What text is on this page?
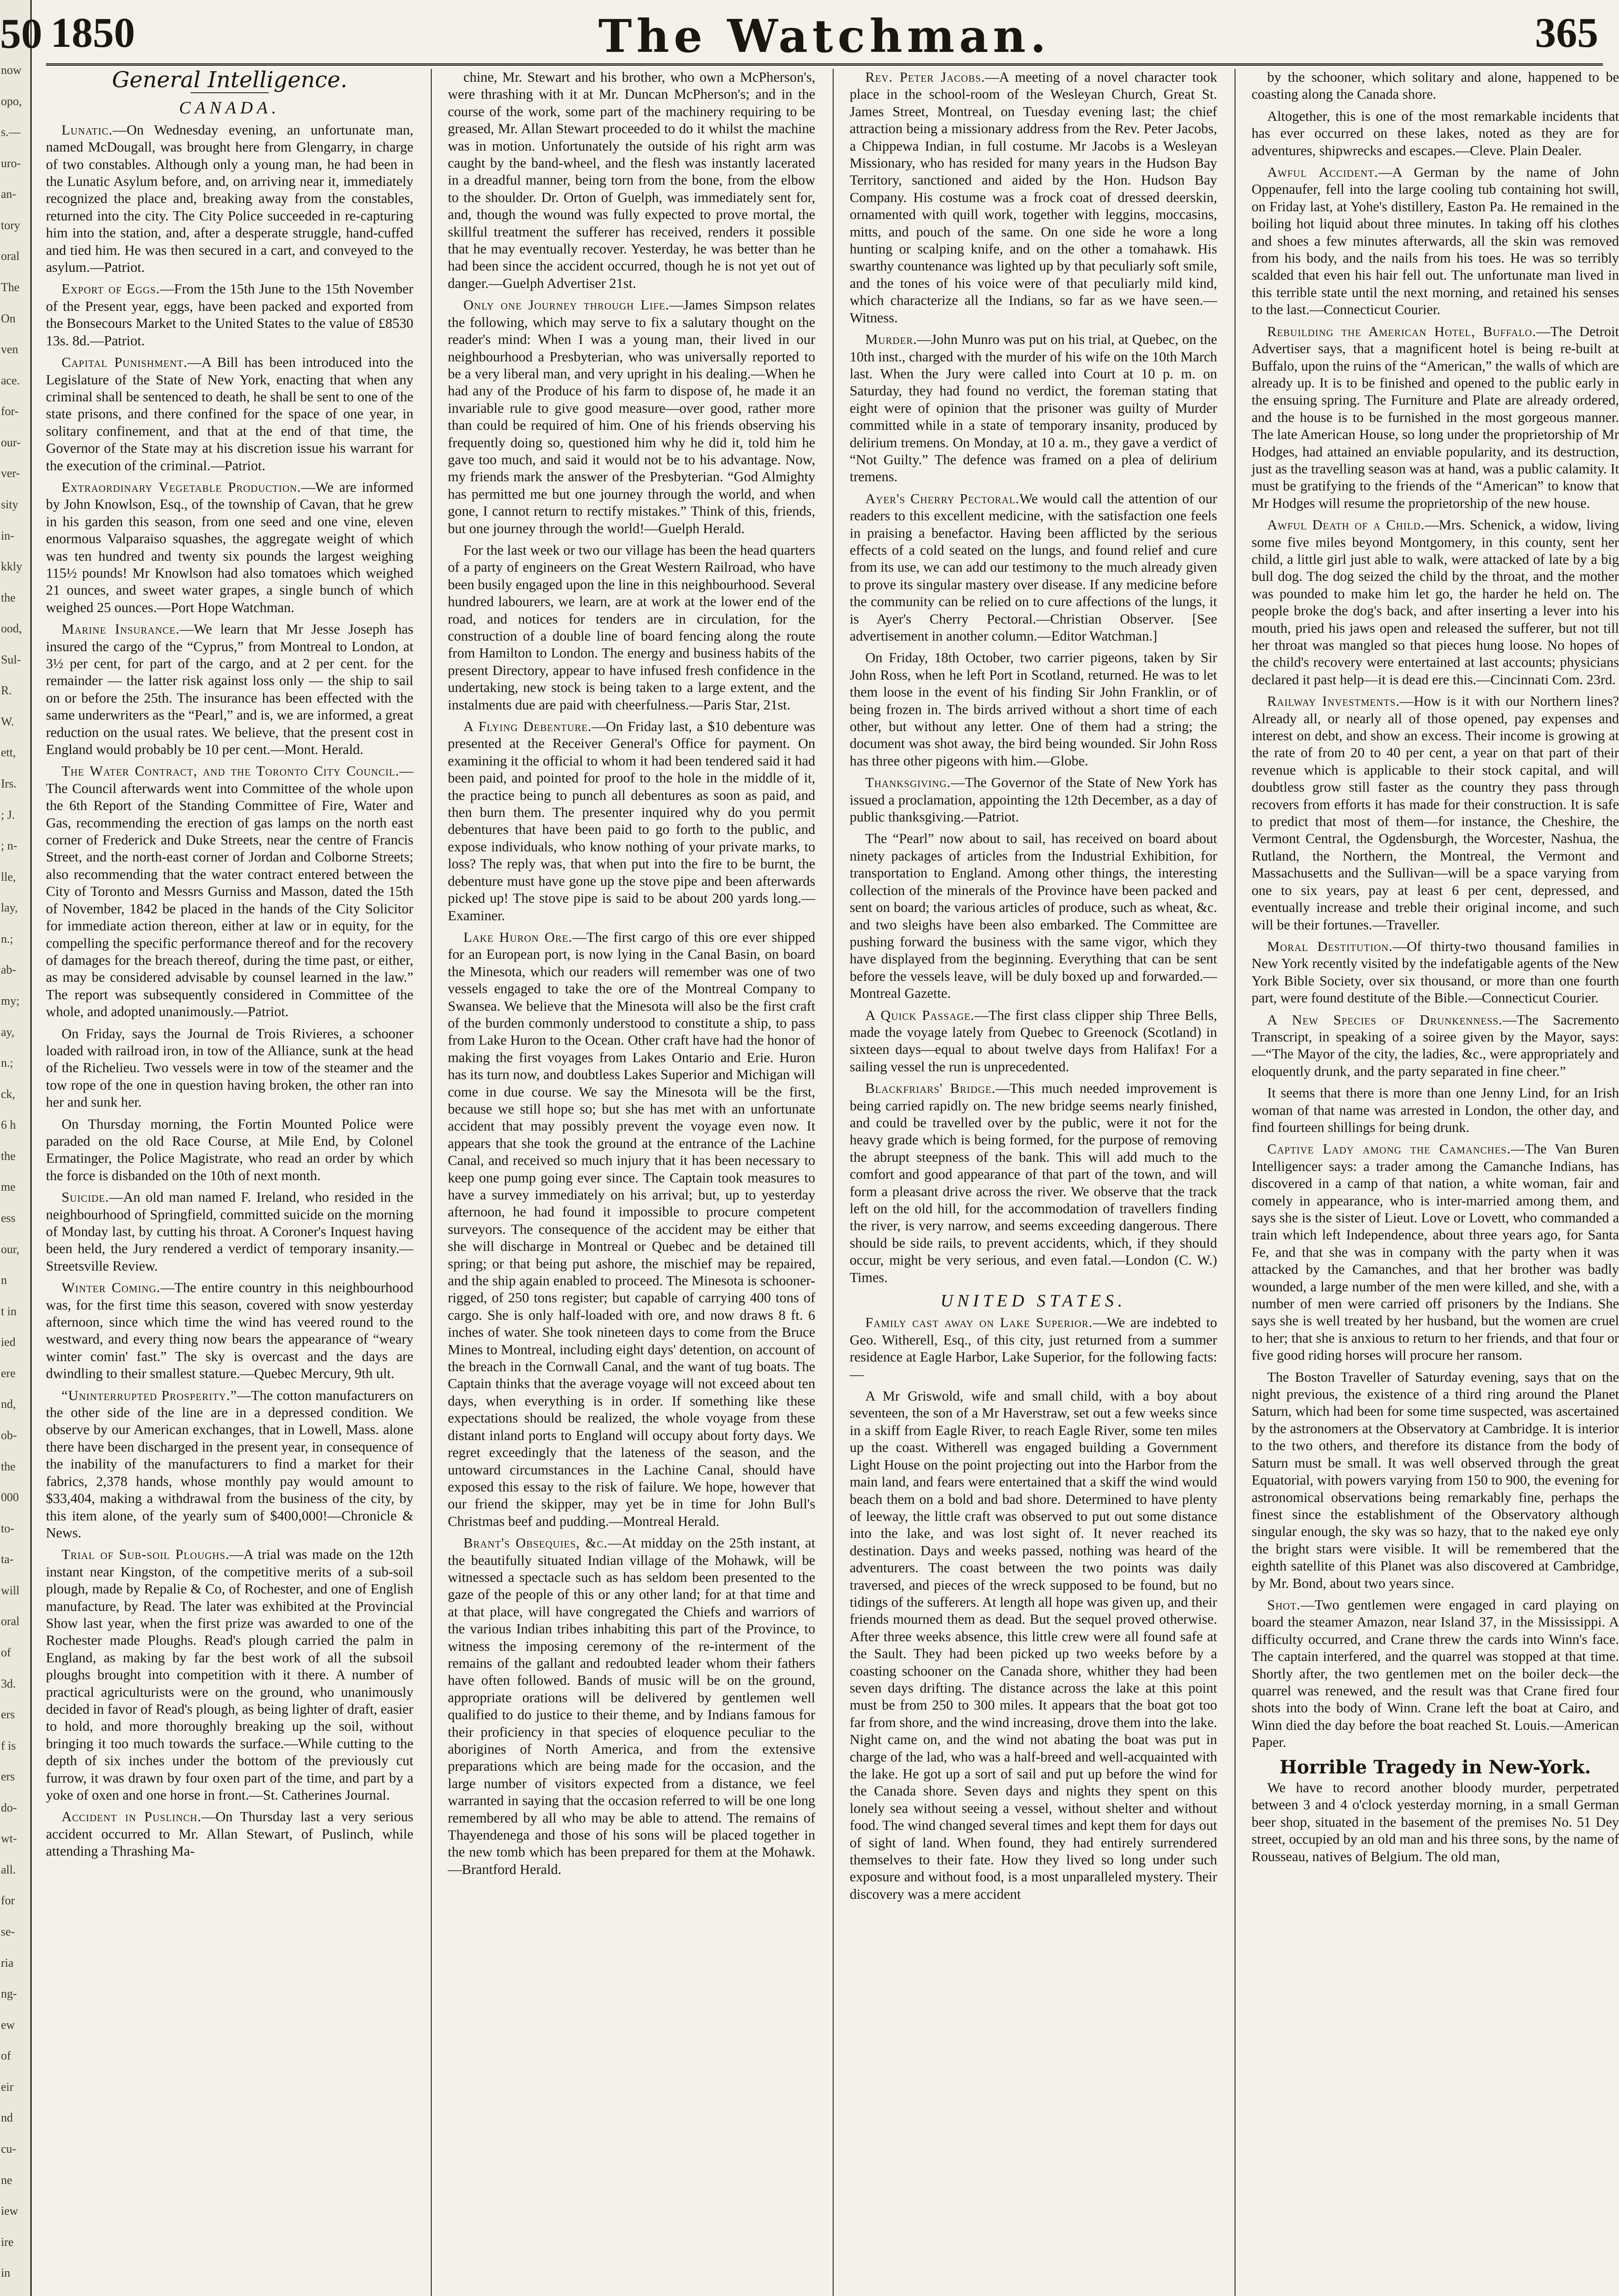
50
now
opo,
s.—
uro-
an-
tory
oral
The
On
ven
ace.
for-
our-
ver-
sity
in-
kkly
the
ood,
Sul-
R.
W.
ett,
Irs.
; J.
; n-
lle,
lay,
n.;
ab-
my;
ay,
n.;
ck,
6 h
the
me
ess
our,
n
t in
ied
ere
nd,
ob-
the
000
to-
ta-
will
oral
of
3d.
ers
f is
ers
do-
wt-
all.
for
se-
ria
ng-
ew
of
eir
nd
cu-
ne
iew
ire
in
1850	The Watchman.	365
General Intelligence.
CANADA.

Lunatic.—On Wednesday evening, an unfortunate man, named McDougall, was brought here from Glengarry, in charge of two constables. Although only a young man, he had been in the Lunatic Asylum before, and, on arriving near it, immediately recognized the place and, breaking away from the constables, returned into the city. The City Police succeeded in re-capturing him into the station, and, after a desperate struggle, hand-cuffed and tied him. He was then secured in a cart, and conveyed to the asylum.—Patriot.

Export of Eggs.—From the 15th June to the 15th November of the Present year, eggs, have been packed and exported from the Bonsecours Market to the United States to the value of £8530 13s. 8d.—Patriot.

Capital Punishment.—A Bill has been introduced into the Legislature of the State of New York, enacting that when any criminal shall be sentenced to death, he shall be sent to one of the state prisons, and there confined for the space of one year, in solitary confinement, and that at the end of that time, the Governor of the State may at his discretion issue his warrant for the execution of the criminal.—Patriot.

Extraordinary Vegetable Production.—We are informed by John Knowlson, Esq., of the township of Cavan, that he grew in his garden this season, from one seed and one vine, eleven enormous Valparaiso squashes, the aggregate weight of which was ten hundred and twenty six pounds the largest weighing 115½ pounds! Mr Knowlson had also tomatoes which weighed 21 ounces, and sweet water grapes, a single bunch of which weighed 25 ounces.—Port Hope Watchman.

Marine Insurance.—We learn that Mr Jesse Joseph has insured the cargo of the “Cyprus,” from Montreal to London, at 3½ per cent, for part of the cargo, and at 2 per cent. for the remainder — the latter risk against loss only — the ship to sail on or before the 25th. The insurance has been effected with the same underwriters as the “Pearl,” and is, we are informed, a great reduction on the usual rates. We believe, that the present cost in England would probably be 10 per cent.—Mont. Herald.

The Water Contract, and the Toronto City Council.—The Council afterwards went into Committee of the whole upon the 6th Report of the Standing Committee of Fire, Water and Gas, recommending the erection of gas lamps on the north east corner of Frederick and Duke Streets, near the centre of Francis Street, and the north-east corner of Jordan and Colborne Streets; also recommending that the water contract entered between the City of Toronto and Messrs Gurniss and Masson, dated the 15th of November, 1842 be placed in the hands of the City Solicitor for immediate action thereon, either at law or in equity, for the compelling the specific performance thereof and for the recovery of damages for the breach thereof, during the time past, or either, as may be considered advisable by counsel learned in the law.” The report was subsequently considered in Committee of the whole, and adopted unanimously.—Patriot.

On Friday, says the Journal de Trois Rivieres, a schooner loaded with railroad iron, in tow of the Alliance, sunk at the head of the Richelieu. Two vessels were in tow of the steamer and the tow rope of the one in question having broken, the other ran into her and sunk her.

On Thursday morning, the Fortin Mounted Police were paraded on the old Race Course, at Mile End, by Colonel Ermatinger, the Police Magistrate, who read an order by which the force is disbanded on the 10th of next month.

Suicide.—An old man named F. Ireland, who resided in the neighbourhood of Springfield, committed suicide on the morning of Monday last, by cutting his throat. A Coroner's Inquest having been held, the Jury rendered a verdict of temporary insanity.—Streetsville Review.

Winter Coming.—The entire country in this neighbourhood was, for the first time this season, covered with snow yesterday afternoon, since which time the wind has veered round to the westward, and every thing now bears the appearance of “weary winter comin' fast.” The sky is overcast and the days are dwindling to their smallest stature.—Quebec Mercury, 9th ult.

“Uninterrupted Prosperity.”—The cotton manufacturers on the other side of the line are in a depressed condition. We observe by our American exchanges, that in Lowell, Mass. alone there have been discharged in the present year, in consequence of the inability of the manufacturers to find a market for their fabrics, 2,378 hands, whose monthly pay would amount to $33,404, making a withdrawal from the business of the city, by this item alone, of the yearly sum of $400,000!—Chronicle & News.

Trial of Sub-soil Ploughs.—A trial was made on the 12th instant near Kingston, of the competitive merits of a sub-soil plough, made by Repalie & Co, of Rochester, and one of English manufacture, by Read. The later was exhibited at the Provincial Show last year, when the first prize was awarded to one of the Rochester made Ploughs. Read's plough carried the palm in England, as making by far the best work of all the subsoil ploughs brought into competition with it there. A number of practical agriculturists were on the ground, who unanimously decided in favor of Read's plough, as being lighter of draft, easier to hold, and more thoroughly breaking up the soil, without bringing it too much towards the surface.—While cutting to the depth of six inches under the bottom of the previously cut furrow, it was drawn by four oxen part of the time, and part by a yoke of oxen and one horse in front.—St. Catherines Journal.

Accident in Puslinch.—On Thursday last a very serious accident occurred to Mr. Allan Stewart, of Puslinch, while attending a Thrashing Ma-

chine, Mr. Stewart and his brother, who own a McPherson's, were thrashing with it at Mr. Duncan McPherson's; and in the course of the work, some part of the machinery requiring to be greased, Mr. Allan Stewart proceeded to do it whilst the machine was in motion. Unfortunately the outside of his right arm was caught by the band-wheel, and the flesh was instantly lacerated in a dreadful manner, being torn from the bone, from the elbow to the shoulder. Dr. Orton of Guelph, was immediately sent for, and, though the wound was fully expected to prove mortal, the skillful treatment the sufferer has received, renders it possible that he may eventually recover. Yesterday, he was better than he had been since the accident occurred, though he is not yet out of danger.—Guelph Advertiser 21st.

Only one Journey through Life.—James Simpson relates the following, which may serve to fix a salutary thought on the reader's mind: When I was a young man, their lived in our neighbourhood a Presbyterian, who was universally reported to be a very liberal man, and very upright in his dealing.—When he had any of the Produce of his farm to dispose of, he made it an invariable rule to give good measure—over good, rather more than could be required of him. One of his friends observing his frequently doing so, questioned him why he did it, told him he gave too much, and said it would not be to his advantage. Now, my friends mark the answer of the Presbyterian. “God Almighty has permitted me but one journey through the world, and when gone, I cannot return to rectify mistakes.” Think of this, friends, but one journey through the world!—Guelph Herald.

For the last week or two our village has been the head quarters of a party of engineers on the Great Western Railroad, who have been busily engaged upon the line in this neighbourhood. Several hundred labourers, we learn, are at work at the lower end of the road, and notices for tenders are in circulation, for the construction of a double line of board fencing along the route from Hamilton to London. The energy and business habits of the present Directory, appear to have infused fresh confidence in the undertaking, new stock is being taken to a large extent, and the instalments due are paid with cheerfulness.—Paris Star, 21st.

A Flying Debenture.—On Friday last, a $10 debenture was presented at the Receiver General's Office for payment. On examining it the official to whom it had been tendered said it had been paid, and pointed for proof to the hole in the middle of it, the practice being to punch all debentures as soon as paid, and then burn them. The presenter inquired why do you permit debentures that have been paid to go forth to the public, and expose individuals, who know nothing of your private marks, to loss? The reply was, that when put into the fire to be burnt, the debenture must have gone up the stove pipe and been afterwards picked up! The stove pipe is said to be about 200 yards long.—Examiner.

Lake Huron Ore.—The first cargo of this ore ever shipped for an European port, is now lying in the Canal Basin, on board the Minesota, which our readers will remember was one of two vessels engaged to take the ore of the Montreal Company to Swansea. We believe that the Minesota will also be the first craft of the burden commonly understood to constitute a ship, to pass from Lake Huron to the Ocean. Other craft have had the honor of making the first voyages from Lakes Ontario and Erie. Huron has its turn now, and doubtless Lakes Superior and Michigan will come in due course. We say the Minesota will be the first, because we still hope so; but she has met with an unfortunate accident that may possibly prevent the voyage even now. It appears that she took the ground at the entrance of the Lachine Canal, and received so much injury that it has been necessary to keep one pump going ever since. The Captain took measures to have a survey immediately on his arrival; but, up to yesterday afternoon, he had found it impossible to procure competent surveyors. The consequence of the accident may be either that she will discharge in Montreal or Quebec and be detained till spring; or that being put ashore, the mischief may be repaired, and the ship again enabled to proceed. The Minesota is schooner-rigged, of 250 tons register; but capable of carrying 400 tons of cargo. She is only half-loaded with ore, and now draws 8 ft. 6 inches of water. She took nineteen days to come from the Bruce Mines to Montreal, including eight days' detention, on account of the breach in the Cornwall Canal, and the want of tug boats. The Captain thinks that the average voyage will not exceed about ten days, when everything is in order. If something like these expectations should be realized, the whole voyage from these distant inland ports to England will occupy about forty days. We regret exceedingly that the lateness of the season, and the untoward circumstances in the Lachine Canal, should have exposed this essay to the risk of failure. We hope, however that our friend the skipper, may yet be in time for John Bull's Christmas beef and pudding.—Montreal Herald.

Brant's Obsequies, &c.—At midday on the 25th instant, at the beautifully situated Indian village of the Mohawk, will be witnessed a spectacle such as has seldom been presented to the gaze of the people of this or any other land; for at that time and at that place, will have congregated the Chiefs and warriors of the various Indian tribes inhabiting this part of the Province, to witness the imposing ceremony of the re-interment of the remains of the gallant and redoubted leader whom their fathers have often followed. Bands of music will be on the ground, appropriate orations will be delivered by gentlemen well qualified to do justice to their theme, and by Indians famous for their proficiency in that species of eloquence peculiar to the aborigines of North America, and from the extensive preparations which are being made for the occasion, and the large number of visitors expected from a distance, we feel warranted in saying that the occasion referred to will be one long remembered by all who may be able to attend. The remains of Thayendenega and those of his sons will be placed together in the new tomb which has been prepared for them at the Mohawk.—Brantford Herald.

Rev. Peter Jacobs.—A meeting of a novel character took place in the school-room of the Wesleyan Church, Great St. James Street, Montreal, on Tuesday evening last; the chief attraction being a missionary address from the Rev. Peter Jacobs, a Chippewa Indian, in full costume. Mr Jacobs is a Wesleyan Missionary, who has resided for many years in the Hudson Bay Territory, sanctioned and aided by the Hon. Hudson Bay Company. His costume was a frock coat of dressed deerskin, ornamented with quill work, together with leggins, moccasins, mitts, and pouch of the same. On one side he wore a long hunting or scalping knife, and on the other a tomahawk. His swarthy countenance was lighted up by that peculiarly soft smile, and the tones of his voice were of that peculiarly mild kind, which characterize all the Indians, so far as we have seen.—Witness.

Murder.—John Munro was put on his trial, at Quebec, on the 10th inst., charged with the murder of his wife on the 10th March last. When the Jury were called into Court at 10 p. m. on Saturday, they had found no verdict, the foreman stating that eight were of opinion that the prisoner was guilty of Murder committed while in a state of temporary insanity, produced by delirium tremens. On Monday, at 10 a. m., they gave a verdict of “Not Guilty.” The defence was framed on a plea of delirium tremens.

Ayer's Cherry Pectoral.We would call the attention of our readers to this excellent medicine, with the satisfaction one feels in praising a benefactor. Having been afflicted by the serious effects of a cold seated on the lungs, and found relief and cure from its use, we can add our testimony to the much already given to prove its singular mastery over disease. If any medicine before the community can be relied on to cure affections of the lungs, it is Ayer's Cherry Pectoral.—Christian Observer. [See advertisement in another column.—Editor Watchman.]

On Friday, 18th October, two carrier pigeons, taken by Sir John Ross, when he left Port in Scotland, returned. He was to let them loose in the event of his finding Sir John Franklin, or of being frozen in. The birds arrived without a short time of each other, but without any letter. One of them had a string; the document was shot away, the bird being wounded. Sir John Ross has three other pigeons with him.—Globe.

Thanksgiving.—The Governor of the State of New York has issued a proclamation, appointing the 12th December, as a day of public thanksgiving.—Patriot.

The “Pearl” now about to sail, has received on board about ninety packages of articles from the Industrial Exhibition, for transportation to England. Among other things, the interesting collection of the minerals of the Province have been packed and sent on board; the various articles of produce, such as wheat, &c. and two sleighs have been also embarked. The Committee are pushing forward the business with the same vigor, which they have displayed from the beginning. Everything that can be sent before the vessels leave, will be duly boxed up and forwarded.—Montreal Gazette.

A Quick Passage.—The first class clipper ship Three Bells, made the voyage lately from Quebec to Greenock (Scotland) in sixteen days—equal to about twelve days from Halifax! For a sailing vessel the run is unprecedented.

Blackfriars' Bridge.—This much needed improvement is being carried rapidly on. The new bridge seems nearly finished, and could be travelled over by the public, were it not for the heavy grade which is being formed, for the purpose of removing the abrupt steepness of the bank. This will add much to the comfort and good appearance of that part of the town, and will form a pleasant drive across the river. We observe that the track left on the old hill, for the accommodation of travellers finding the river, is very narrow, and seems exceeding dangerous. There should be side rails, to prevent accidents, which, if they should occur, might be very serious, and even fatal.—London (C. W.) Times.

UNITED STATES.

Family cast away on Lake Superior.—We are indebted to Geo. Witherell, Esq., of this city, just returned from a summer residence at Eagle Harbor, Lake Superior, for the following facts:—

A Mr Griswold, wife and small child, with a boy about seventeen, the son of a Mr Haverstraw, set out a few weeks since in a skiff from Eagle River, to reach Eagle River, some ten miles up the coast. Witherell was engaged building a Government Light House on the point projecting out into the Harbor from the main land, and fears were entertained that a skiff the wind would beach them on a bold and bad shore. Determined to have plenty of leeway, the little craft was observed to put out some distance into the lake, and was lost sight of. It never reached its destination. Days and weeks passed, nothing was heard of the adventurers. The coast between the two points was daily traversed, and pieces of the wreck supposed to be found, but no tidings of the sufferers. At length all hope was given up, and their friends mourned them as dead. But the sequel proved otherwise. After three weeks absence, this little crew were all found safe at the Sault. They had been picked up two weeks before by a coasting schooner on the Canada shore, whither they had been seven days drifting. The distance across the lake at this point must be from 250 to 300 miles. It appears that the boat got too far from shore, and the wind increasing, drove them into the lake. Night came on, and the wind not abating the boat was put in charge of the lad, who was a half-breed and well-acquainted with the lake. He got up a sort of sail and put up before the wind for the Canada shore. Seven days and nights they spent on this lonely sea without seeing a vessel, without shelter and without food. The wind changed several times and kept them for days out of sight of land. When found, they had entirely surrendered themselves to their fate. How they lived so long under such exposure and without food, is a most unparalleled mystery. Their discovery was a mere accident

by the schooner, which solitary and alone, happened to be coasting along the Canada shore.

Altogether, this is one of the most remarkable incidents that has ever occurred on these lakes, noted as they are for adventures, shipwrecks and escapes.—Cleve. Plain Dealer.

Awful Accident.—A German by the name of John Oppenaufer, fell into the large cooling tub containing hot swill, on Friday last, at Yohe's distillery, Easton Pa. He remained in the boiling hot liquid about three minutes. In taking off his clothes and shoes a few minutes afterwards, all the skin was removed from his body, and the nails from his toes. He was so terribly scalded that even his hair fell out. The unfortunate man lived in this terrible state until the next morning, and retained his senses to the last.—Connecticut Courier.

Rebuilding the American Hotel, Buffalo.—The Detroit Advertiser says, that a magnificent hotel is being re-built at Buffalo, upon the ruins of the “American,” the walls of which are already up. It is to be finished and opened to the public early in the ensuing spring. The Furniture and Plate are already ordered, and the house is to be furnished in the most gorgeous manner. The late American House, so long under the proprietorship of Mr Hodges, had attained an enviable popularity, and its destruction, just as the travelling season was at hand, was a public calamity. It must be gratifying to the friends of the “American” to know that Mr Hodges will resume the proprietorship of the new house.

Awful Death of a Child.—Mrs. Schenick, a widow, living some five miles beyond Montgomery, in this county, sent her child, a little girl just able to walk, were attacked of late by a big bull dog. The dog seized the child by the throat, and the mother was pounded to make him let go, the harder he held on. The people broke the dog's back, and after inserting a lever into his mouth, pried his jaws open and released the sufferer, but not till her throat was mangled so that pieces hung loose. No hopes of the child's recovery were entertained at last accounts; physicians declared it past help—it is dead ere this.—Cincinnati Com. 23rd.

Railway Investments.—How is it with our Northern lines? Already all, or nearly all of those opened, pay expenses and interest on debt, and show an excess. Their income is growing at the rate of from 20 to 40 per cent, a year on that part of their revenue which is applicable to their stock capital, and will doubtless grow still faster as the country they pass through recovers from efforts it has made for their construction. It is safe to predict that most of them—for instance, the Cheshire, the Vermont Central, the Ogdensburgh, the Worcester, Nashua, the Rutland, the Northern, the Montreal, the Vermont and Massachusetts and the Sullivan—will be a space varying from one to six years, pay at least 6 per cent, depressed, and eventually increase and treble their original income, and such will be their fortunes.—Traveller.

Moral Destitution.—Of thirty-two thousand families in New York recently visited by the indefatigable agents of the New York Bible Society, over six thousand, or more than one fourth part, were found destitute of the Bible.—Connecticut Courier.

A New Species of Drunkenness.—The Sacremento Transcript, in speaking of a soiree given by the Mayor, says:—“The Mayor of the city, the ladies, &c., were appropriately and eloquently drunk, and the party separated in fine cheer.”

It seems that there is more than one Jenny Lind, for an Irish woman of that name was arrested in London, the other day, and find fourteen shillings for being drunk.

Captive Lady among the Camanches.—The Van Buren Intelligencer says: a trader among the Camanche Indians, has discovered in a camp of that nation, a white woman, fair and comely in appearance, who is inter-married among them, and says she is the sister of Lieut. Love or Lovett, who commanded a train which left Independence, about three years ago, for Santa Fe, and that she was in company with the party when it was attacked by the Camanches, and that her brother was badly wounded, a large number of the men were killed, and she, with a number of men were carried off prisoners by the Indians. She says she is well treated by her husband, but the women are cruel to her; that she is anxious to return to her friends, and that four or five good riding horses will procure her ransom.

The Boston Traveller of Saturday evening, says that on the night previous, the existence of a third ring around the Planet Saturn, which had been for some time suspected, was ascertained by the astronomers at the Observatory at Cambridge. It is interior to the two others, and therefore its distance from the body of Saturn must be small. It was well observed through the great Equatorial, with powers varying from 150 to 900, the evening for astronomical observations being remarkably fine, perhaps the finest since the establishment of the Observatory although singular enough, the sky was so hazy, that to the naked eye only the bright stars were visible. It will be remembered that the eighth satellite of this Planet was also discovered at Cambridge, by Mr. Bond, about two years since.

Shot.—Two gentlemen were engaged in card playing on board the steamer Amazon, near Island 37, in the Mississippi. A difficulty occurred, and Crane threw the cards into Winn's face. The captain interfered, and the quarrel was stopped at that time. Shortly after, the two gentlemen met on the boiler deck—the quarrel was renewed, and the result was that Crane fired four shots into the body of Winn. Crane left the boat at Cairo, and Winn died the day before the boat reached St. Louis.—American Paper.

Horrible Tragedy in New-York.

We have to record another bloody murder, perpetrated between 3 and 4 o'clock yesterday morning, in a small German beer shop, situated in the basement of the premises No. 51 Dey street, occupied by an old man and his three sons, by the name of Rousseau, natives of Belgium. The old man,
